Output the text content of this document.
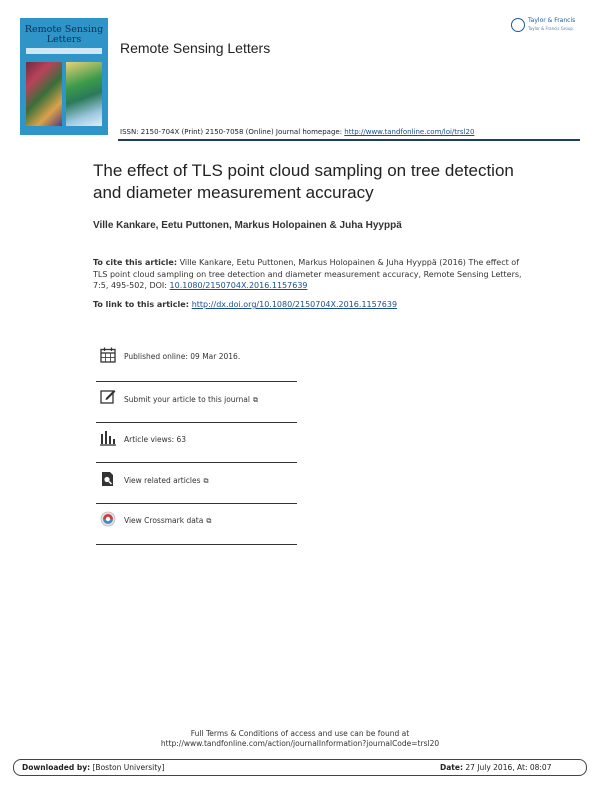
Remote Sensing
Letters
Remote Sensing Letters
Taylor & Francis
Taylor & Francis Group
ISSN: 2150-704X (Print) 2150-7058 (Online) Journal homepage: http://www.tandfonline.com/loi/trsl20
The effect of TLS point cloud sampling on tree detection and diameter measurement accuracy
Ville Kankare, Eetu Puttonen, Markus Holopainen & Juha Hyyppä
To cite this article: Ville Kankare, Eetu Puttonen, Markus Holopainen & Juha Hyyppä (2016) The effect of TLS point cloud sampling on tree detection and diameter measurement accuracy, Remote Sensing Letters, 7:5, 495-502, DOI: 10.1080/2150704X.2016.1157639
To link to this article: http://dx.doi.org/10.1080/2150704X.2016.1157639
Published online: 09 Mar 2016.
Submit your article to this journal ⧉
Article views: 63
View related articles ⧉
View Crossmark data ⧉
Full Terms & Conditions of access and use can be found at
http://www.tandfonline.com/action/journalInformation?journalCode=trsl20
Downloaded by: [Boston University]	Date: 27 July 2016, At: 08:07
